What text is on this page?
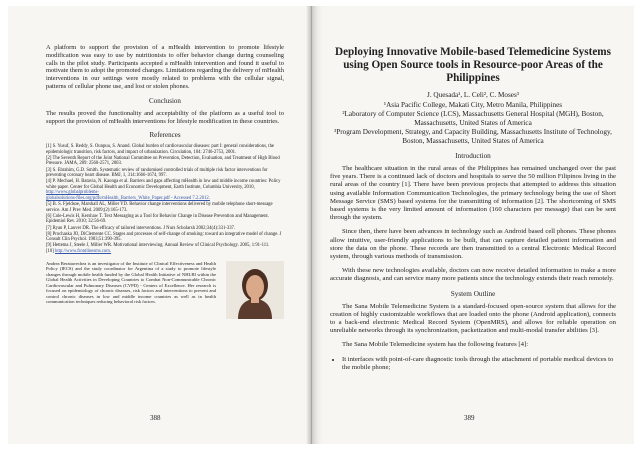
A platform to support the provision of a mHealth intervention to promote lifestyle modification was easy to use by nutritionists to offer behavior change during counseling calls in the pilot study. Participants accepted a mHealth intervention and found it useful to motivate them to adopt the promoted changes. Limitations regarding the delivery of mHealth interventions in our settings were mostly related to problems with the cellular signal, patterns of cellular phone use, and lost or stolen phones.

Conclusion

The results proved the functionality and acceptability of the platform as a useful tool to support the provision of mHealth interventions for lifestyle modification in these countries.

References
[1] S. Yusuf, S. Reddy, S. Ounpuu, S. Anand. Global burden of cardiovascular diseases: part I: general considerations, the epidemiologic transition, risk factors, and impact of urbanization. Circulation, 104: 2746-2753, 2001.
[2] The Seventh Report of the Joint National Committee on Prevention, Detection, Evaluation, and Treatment of High Blood Pressure. JAMA, 289: 2560-2571, 2003.
[3] S. Ebrahim, G.D. Smith. Systematic review of randomised controlled trials of multiple risk factor interventions for preventing coronary heart disease. BMJ, 1, 314:1666-1674, 997.
[4] P. Mechael, H. Batavia, N. Kaonga et al. Barriers and gaps affecting mHealth in low and middle income countries: Policy white paper. Center for Global Health and Economic Development, Earth Institute, Columbia University, 2010, http://www.globalproblems-
globalsolutions-files.org/pdfs/mHealth_Barriers_White_Paper.pdf - Accessed 7.2.2012.
[5] B. S. Fjeldsoe, Marshall AL, Miller YD. Behavior change interventions delivered by mobile telephone short-message service. Am J Prev Med. 2009;(2):165-173.
[6] Cole-Lewis H, Kershaw T. Text Messaging as a Tool for Behavior Change in Disease Prevention and Management. Epidemiol Rev. 2010; 32:56-69.
[7] Ryan P, Lauver DR. The efficacy of tailored interventions. J Nurs Scholarsh 2002;34(4):331-337.
[8] Prochaska JO, DiClemente CC. Stages and processes of self-change of smoking: toward an integrative model of change. J Consult Clin Psychol. 1983;51:390-395.
[9] Hettema J, Steele J, Miller WR. Motivational interviewing. Annual Review of Clinical Psychology. 2005, 1:91-111.
[10] http://www.frontlinesms.com.
Andrea Beratarrechea is an investigator of the Institute of Clinical Effectiveness and Health Policy (IECS) and the study coordinator for Argentina of a study to promote lifestyle changes through mobile health funded by the Global Health Initiative of NHLBI within the Global Health Activities in Developing Countries to Combat Non-Communicable Chronic Cardiovascular and Pulmonary Diseases (CVPD) - Centers of Excellence. Her research is focused on epidemiology of chronic diseases, risk factors and interventions to prevent and control chronic diseases in low and middle income countries as well as in health communication techniques reducing behavioral risk factors.
388
Deploying Innovative Mobile-based Telemedicine Systems using Open Source tools in Resource-poor Areas of the Philippines
J. Quesada¹, L. Celi², C. Moses³
¹Asia Pacific College, Makati City, Metro Manila, Philippines
²Laboratory of Computer Science (LCS), Massachusetts General Hospital (MGH), Boston, Massachusetts, United States of America
³Program Development, Strategy, and Capacity Building, Massachusetts Institute of Technology, Boston, Massachusetts, United States of America
Introduction

The healthcare situation in the rural areas of the Philippines has remained unchanged over the past five years. There is a continued lack of doctors and hospitals to serve the 50 million Filipinos living in the rural areas of the country [1]. There have been previous projects that attempted to address this situation using available Information Communication Technologies, the primary technology being the use of Short Message Service (SMS) based systems for the transmitting of information [2]. The shortcoming of SMS based systems is the very limited amount of information (160 characters per message) that can be sent through the system.

Since then, there have been advances in technology such as Android based cell phones. These phones allow intuitive, user-friendly applications to be built, that can capture detailed patient information and store the data on the phone. These records are then transmitted to a central Electronic Medical Record system, through various methods of transmission.

With these new technologies available, doctors can now receive detailed information to make a more accurate diagnosis, and can service many more patients since the technology extends their reach remotely.

System Outline

The Sana Mobile Telemedicine System is a standard-focused open-source system that allows for the creation of highly customizable workflows that are loaded onto the phone (Android application), connects to a back-end electronic Medical Record System (OpenMRS), and allows for reliable operation on unreliable networks through its synchronization, packetization and multi-modal transfer abilities [3].

The Sana Mobile Telemedicine system has the following features [4]:

• It interfaces with point-of-care diagnostic tools through the attachment of portable medical devices to the mobile phone;
389
